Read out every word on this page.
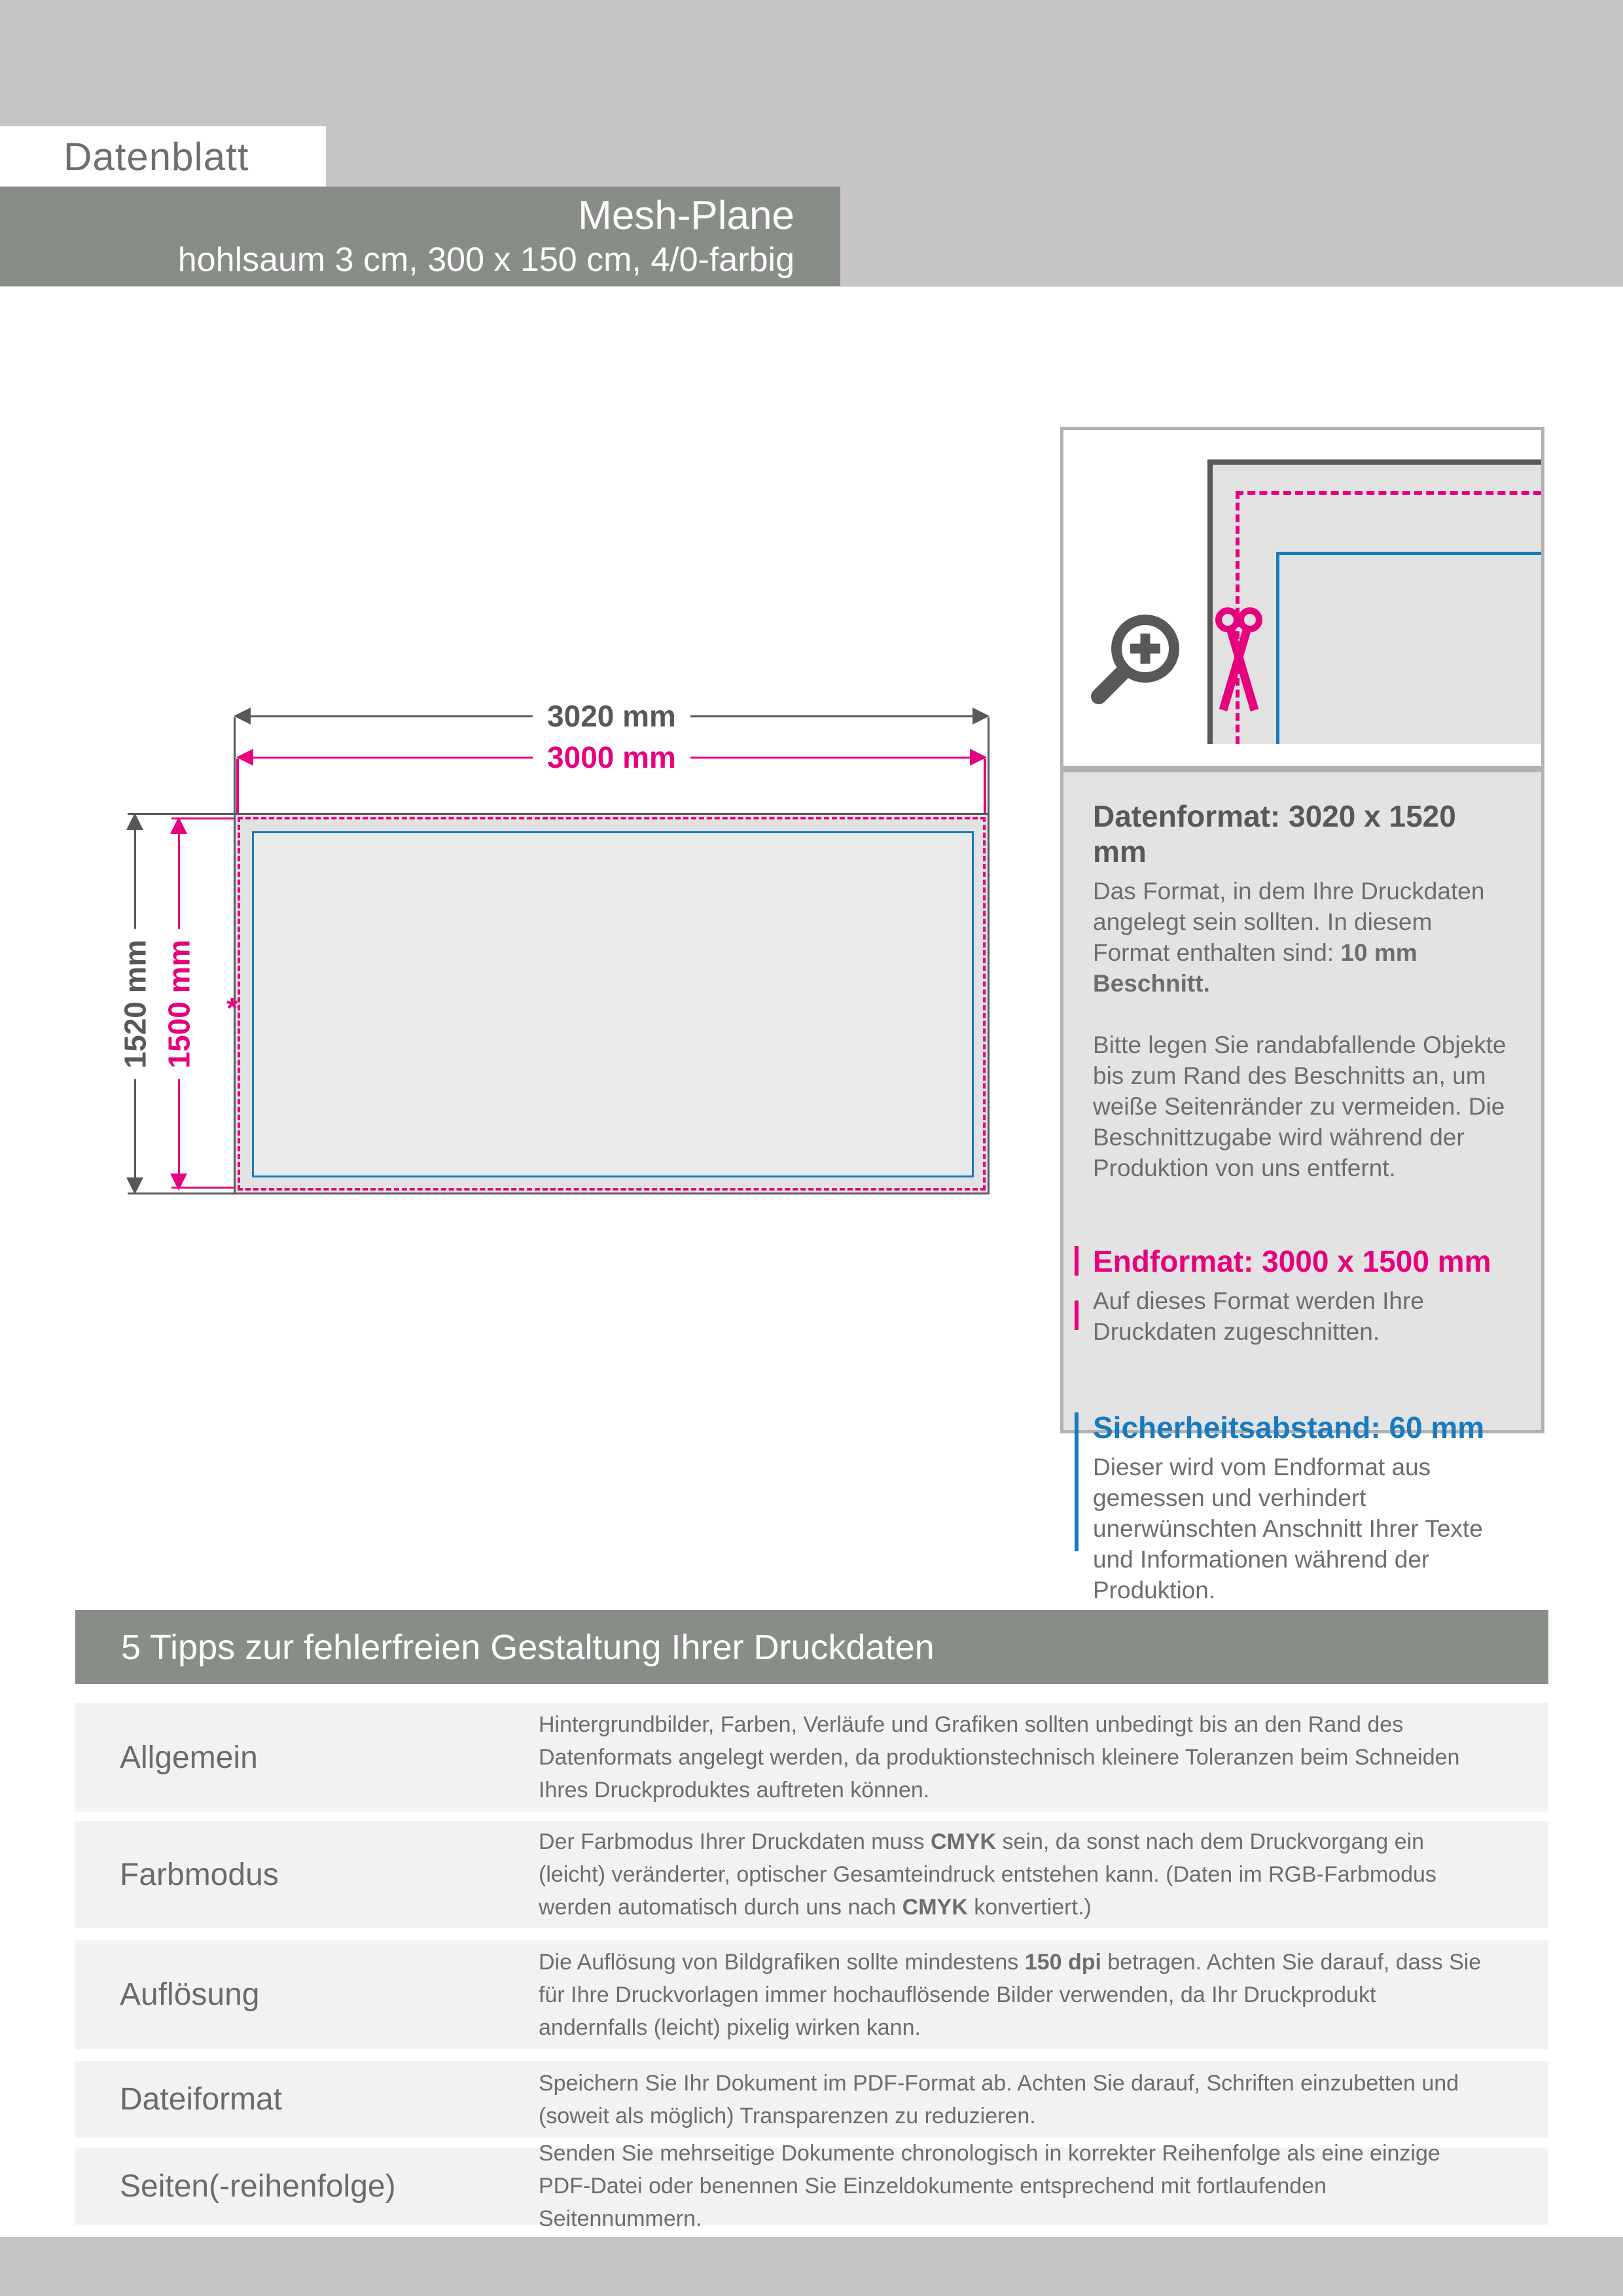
Datenblatt
Mesh-Plane
hohlsaum 3 cm, 300 x 150 cm, 4/0-farbig
*
3020 mm
3000 mm
1520 mm 1500 mm
Datenformat: 3020 x 1520 mm

Das Format, in dem Ihre Druckdaten angelegt sein sollten. In diesem Format enthalten sind: 10 mm Beschnitt.

Bitte legen Sie randabfallende Objekte bis zum Rand des Beschnitts an, um weiße Seitenränder zu vermeiden. Die Beschnittzugabe wird während der Produktion von uns entfernt.

Endformat: 3000 x 1500 mm

Auf dieses Format werden Ihre Druckdaten zugeschnitten.

Sicherheitsabstand: 60 mm

Dieser wird vom Endformat aus gemessen und verhindert unerwünschten Anschnitt Ihrer Texte und Informationen während der Produktion.

5 Tipps zur fehlerfreien Gestaltung Ihrer Druckdaten
Allgemein
Hintergrundbilder, Farben, Verläufe und Grafiken sollten unbedingt bis an den Rand des Datenformats angelegt werden, da produktionstechnisch kleinere Toleranzen beim Schneiden Ihres Druckproduktes auftreten können.
Farbmodus
Der Farbmodus Ihrer Druckdaten muss CMYK sein, da sonst nach dem Druckvorgang ein (leicht) veränderter, optischer Gesamteindruck entstehen kann. (Daten im RGB-Farbmodus werden automatisch durch uns nach CMYK konvertiert.)
Auflösung
Die Auflösung von Bildgrafiken sollte mindestens 150 dpi betragen. Achten Sie darauf, dass Sie für Ihre Druckvorlagen immer hochauflösende Bilder verwenden, da Ihr Druckprodukt andernfalls (leicht) pixelig wirken kann.
Dateiformat	Speichern Sie Ihr Dokument im PDF-Format ab. Achten Sie darauf, Schriften einzubetten und (soweit als möglich) Transparenzen zu reduzieren.
Seiten(-reihenfolge)
Senden Sie mehrseitige Dokumente chronologisch in korrekter Reihenfolge als eine einzige PDF-Datei oder benennen Sie Einzeldokumente entsprechend mit fortlaufenden Seitennummern.
